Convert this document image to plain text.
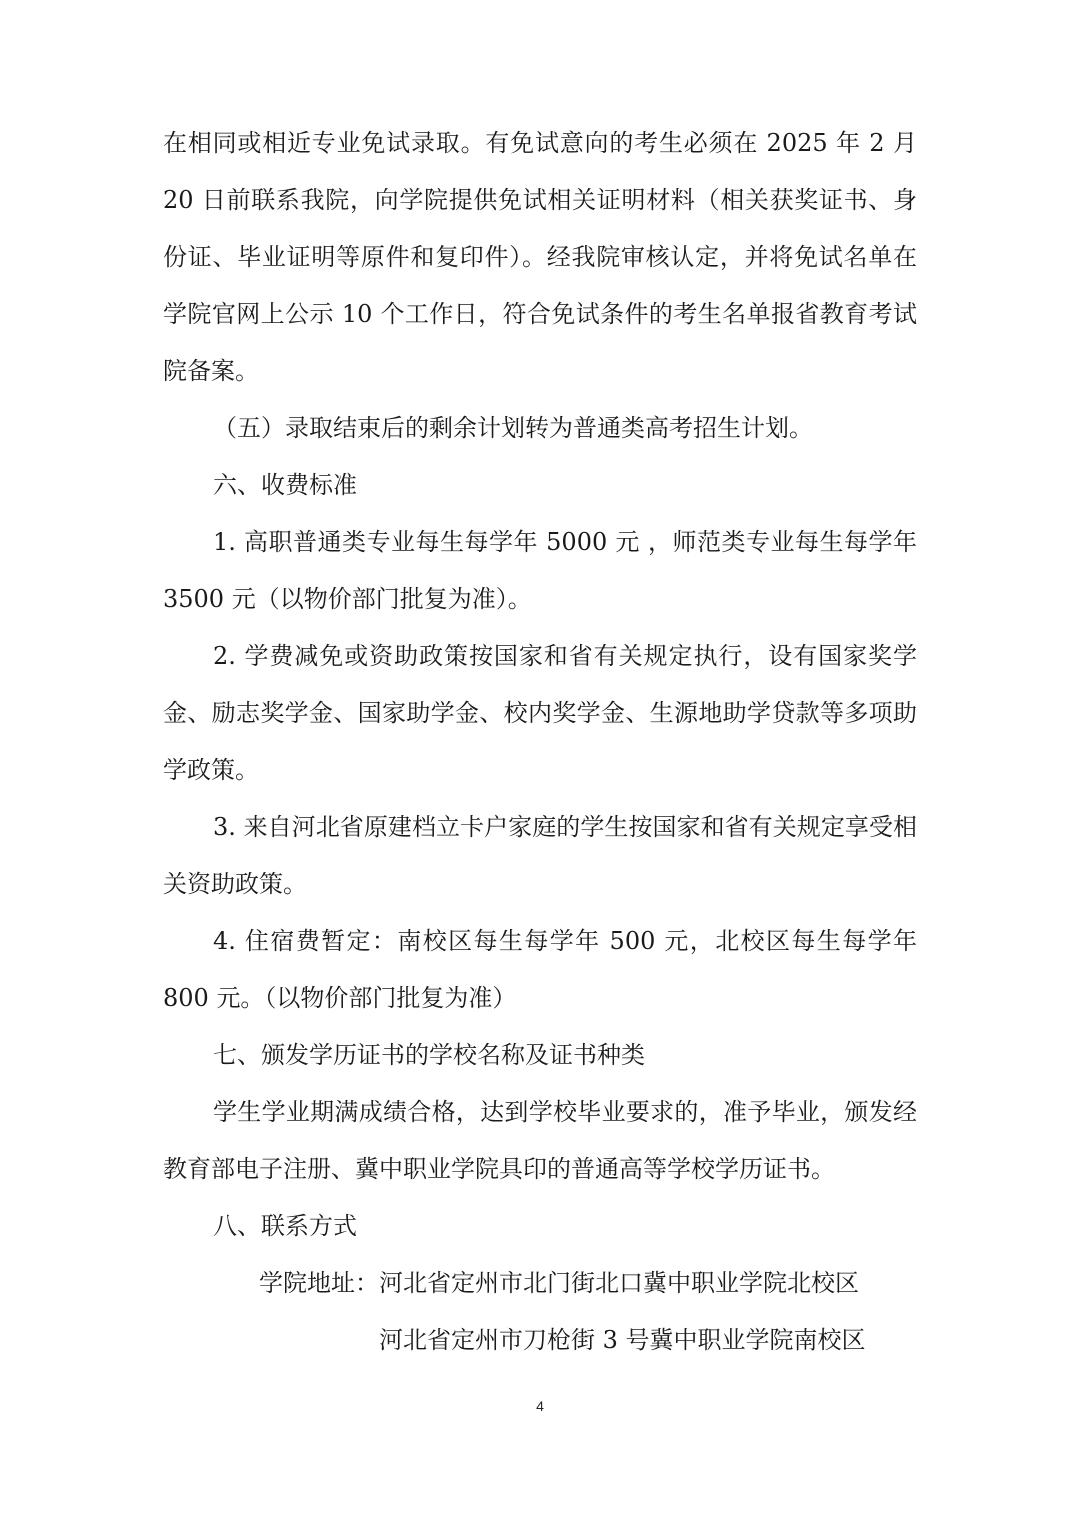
在相同或相近专业免试录取。有免试意向的考生必须在 2025 年 2 月 20 日前联系我院，向学院提供免试相关证明材料（相关获奖证书、身份证、毕业证明等原件和复印件）。经我院审核认定，并将免试名单在学院官网上公示 10 个工作日，符合免试条件的考生名单报省教育考试院备案。

（五）录取结束后的剩余计划转为普通类高考招生计划。

六、收费标准

1. 高职普通类专业每生每学年 5000 元 ，师范类专业每生每学年 3500 元（以物价部门批复为准）。

2. 学费减免或资助政策按国家和省有关规定执行，设有国家奖学金、励志奖学金、国家助学金、校内奖学金、生源地助学贷款等多项助学政策。

3. 来自河北省原建档立卡户家庭的学生按国家和省有关规定享受相关资助政策。

4. 住宿费暂定：南校区每生每学年 500 元，北校区每生每学年 800 元。（以物价部门批复为准）

七、颁发学历证书的学校名称及证书种类

学生学业期满成绩合格，达到学校毕业要求的，准予毕业，颁发经教育部电子注册、冀中职业学院具印的普通高等学校学历证书。

八、联系方式

学院地址： 河北省定州市北门街北口冀中职业学院北校区
河北省定州市刀枪街 3 号冀中职业学院南校区
4
